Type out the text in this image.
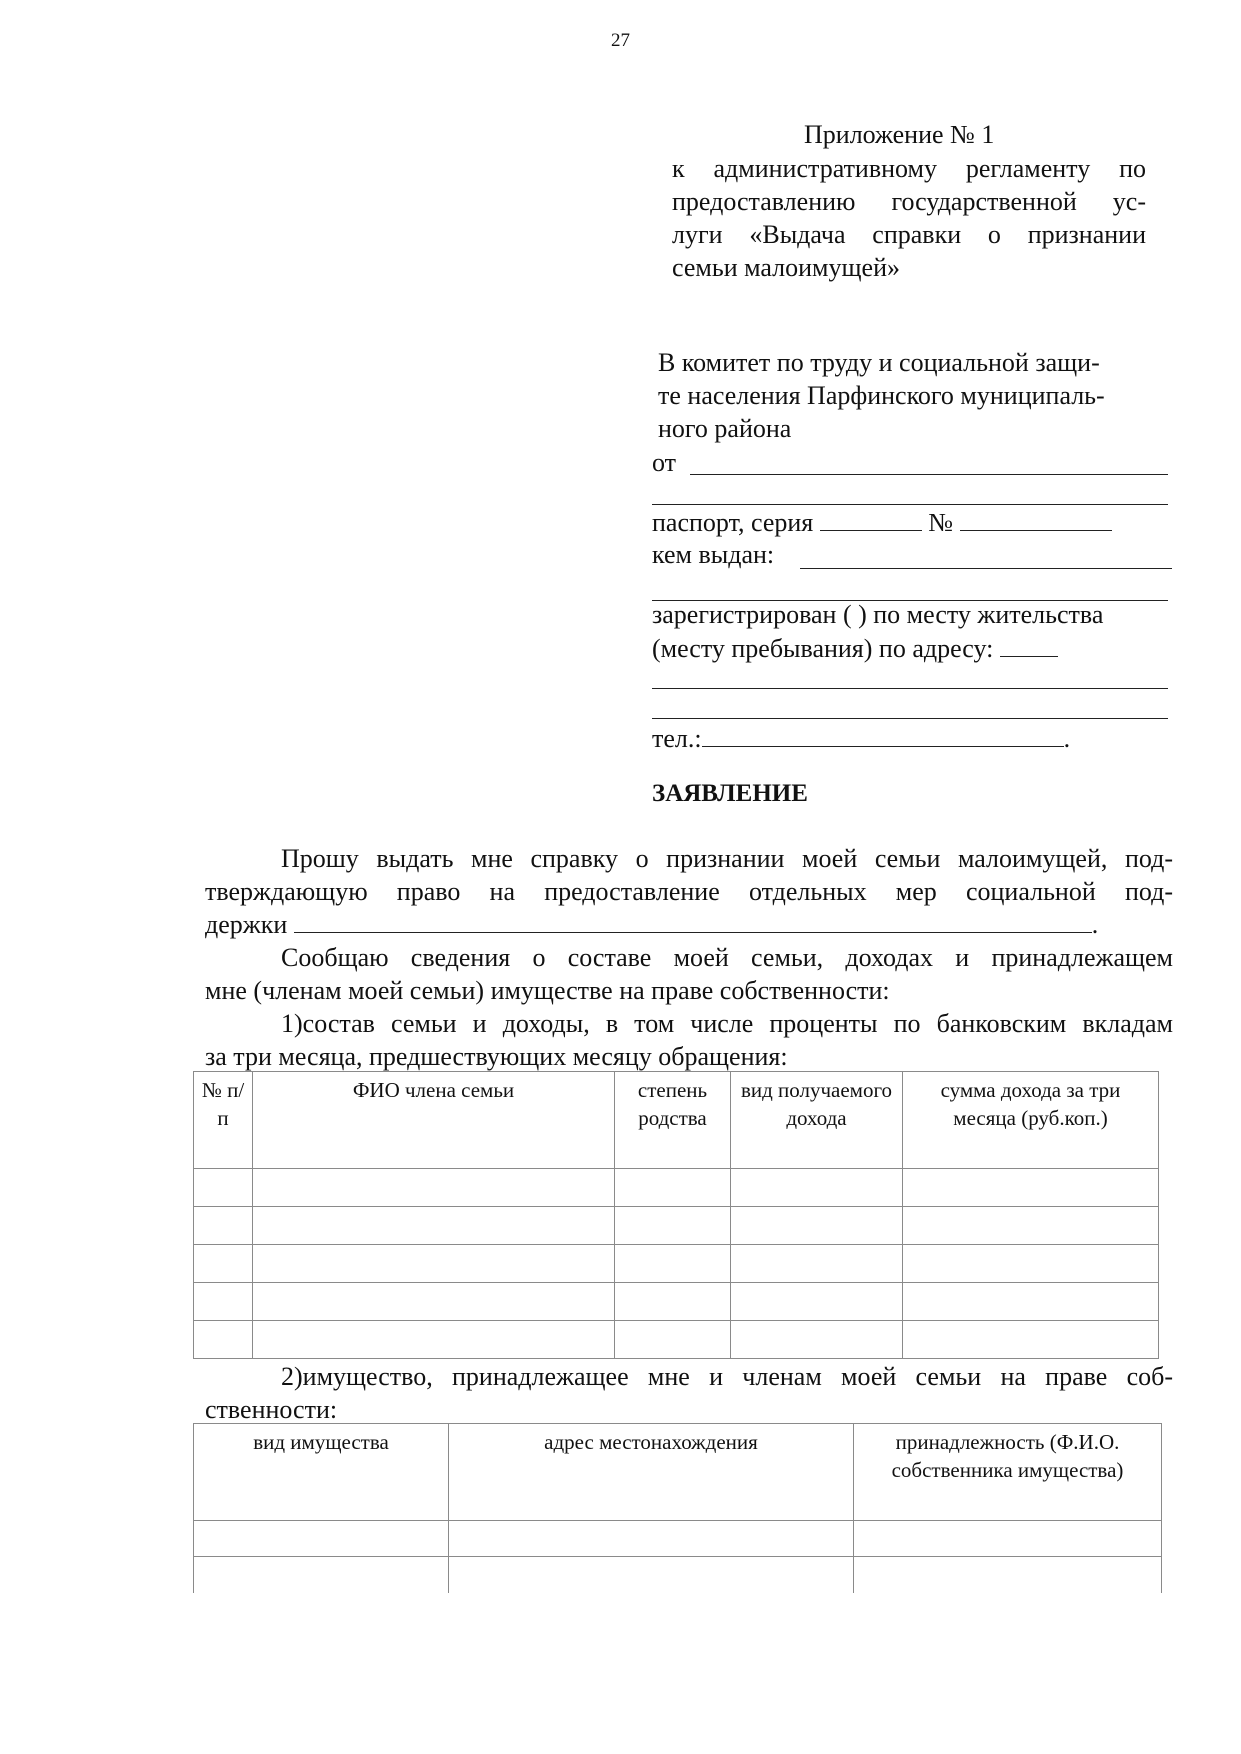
27
Приложение № 1
к административному регламенту по
предоставлению государственной ус-
луги «Выдача справки о признании
семьи малоимущей»
В комитет по труду и социальной защи-
те населения Парфинского муниципаль-
ного района
от
паспорт, серия	№
кем выдан:
зарегистрирован ( ) по месту жительства
(месту пребывания) по адресу:
тел.:	.
ЗАЯВЛЕНИЕ
Прошу выдать мне справку о признании моей семьи малоимущей, под-
тверждающую право на предоставление отдельных мер социальной под-
держки	.
Сообщаю сведения о составе моей семьи, доходах и принадлежащем
мне (членам моей семьи) имуществе на праве собственности:
1)состав семьи и доходы, в том числе проценты по банковским вкладам
за три месяца, предшествующих месяцу обращения:
№ п/п	ФИО члена семьи	степень родства	вид получаемого дохода	сумма дохода за три месяца (руб.коп.)

2)имущество, принадлежащее мне и членам моей семьи на праве соб-
ственности:
вид имущества	адрес местонахождения	принадлежность (Ф.И.О. собственника имущества)
